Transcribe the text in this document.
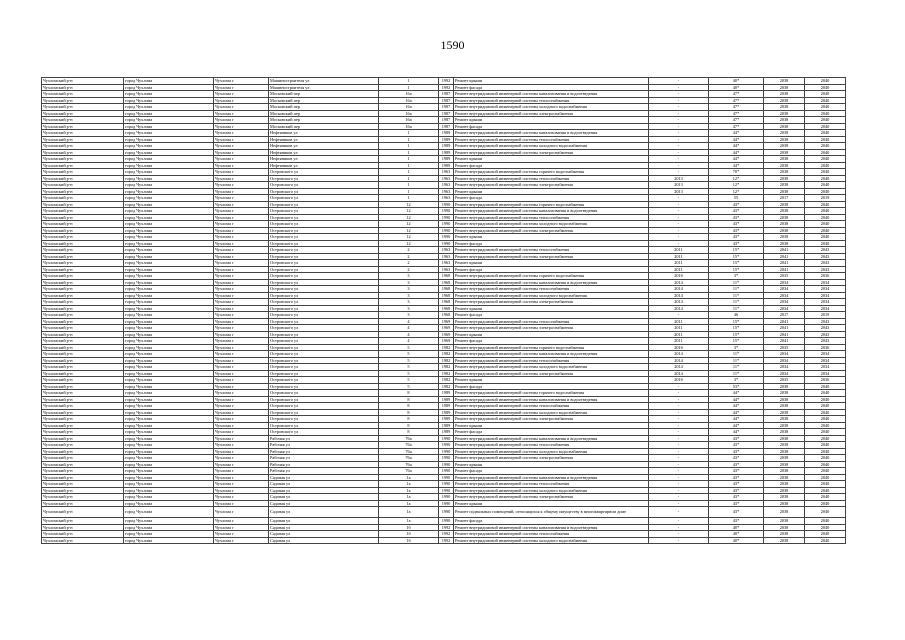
1590
Чухломский р-н	город Чухлома	Чухлома г	Машиностроителя ул	1	1992	Ремонт крыши	-	40*	2038	2040
Чухломский р-н	город Чухлома	Чухлома г	Машиностроителя ул	1	1992	Ремонт фасада	-	40*	2038	2040
Чухломский р-н	город Чухлома	Чухлома г	Московский пер	16а	1987	Ремонт внутридомовой инженерной системы канализования и водоотведения	-	47*	2038	2040
Чухломский р-н	город Чухлома	Чухлома г	Московский пер	16а	1987	Ремонт внутридомовой инженерной системы теплоснабжения	-	47*	2038	2040
Чухломский р-н	город Чухлома	Чухлома г	Московский пер	16а	1987	Ремонт внутридомовой инженерной системы холодного водоснабжения	-	47*	2038	2040
Чухломский р-н	город Чухлома	Чухлома г	Московский пер	16а	1987	Ремонт внутридомовой инженерной системы электроснабжения	-	47*	2038	2040
Чухломский р-н	город Чухлома	Чухлома г	Московский пер	16а	1987	Ремонт крыши	-	47*	2038	2040
Чухломский р-н	город Чухлома	Чухлома г	Московский пер	16а	1987	Ремонт фасада	-	47*	2038	2040
Чухломский р-н	город Чухлома	Чухлома г	Нефтяников ул	1	1989	Ремонт внутридомовой инженерной системы канализования и водоотведения	-	44*	2038	2040
Чухломский р-н	город Чухлома	Чухлома г	Нефтяников ул	1	1989	Ремонт внутридомовой инженерной системы теплоснабжения	-	44*	2038	2040
Чухломский р-н	город Чухлома	Чухлома г	Нефтяников ул	1	1989	Ремонт внутридомовой инженерной системы холодного водоснабжения	-	44*	2038	2040
Чухломский р-н	город Чухлома	Чухлома г	Нефтяников ул	1	1989	Ремонт внутридомовой инженерной системы электроснабжения	-	44*	2038	2040
Чухломский р-н	город Чухлома	Чухлома г	Нефтяников ул	1	1989	Ремонт крыши	-	44*	2038	2040
Чухломский р-н	город Чухлома	Чухлома г	Нефтяников ул	1	1989	Ремонт фасада	-	44*	2038	2040
Чухломский р-н	город Чухлома	Чухлома г	Островского ул	1	1963	Ремонт внутридомовой инженерной системы горячего водоснабжения	-	70*	2038	2040
Чухломский р-н	город Чухлома	Чухлома г	Островского ул	1	1963	Ремонт внутридомовой инженерной системы теплоснабжения	2013	12*	2038	2040
Чухломский р-н	город Чухлома	Чухлома г	Островского ул	1	1963	Ремонт внутридомовой инженерной системы электроснабжения	2013	12*	2038	2040
Чухломский р-н	город Чухлома	Чухлома г	Островского ул	1	1963	Ремонт крыши	2013	12*	2038	2040
Чухломский р-н	город Чухлома	Чухлома г	Островского ул	1	1963	Ремонт фасада	-	55	2017	2019
Чухломский р-н	город Чухлома	Чухлома г	Островского ул	12	1990	Ремонт внутридомовой инженерной системы горячего водоснабжения	-	43*	2038	2040
Чухломский р-н	город Чухлома	Чухлома г	Островского ул	12	1990	Ремонт внутридомовой инженерной системы канализования и водоотведения	-	43*	2038	2040
Чухломский р-н	город Чухлома	Чухлома г	Островского ул	12	1990	Ремонт внутридомовой инженерной системы теплоснабжения	-	43*	2038	2040
Чухломский р-н	город Чухлома	Чухлома г	Островского ул	12	1990	Ремонт внутридомовой инженерной системы холодного водоснабжения	-	43*	2038	2040
Чухломский р-н	город Чухлома	Чухлома г	Островского ул	12	1990	Ремонт внутридомовой инженерной системы электроснабжения	-	43*	2038	2040
Чухломский р-н	город Чухлома	Чухлома г	Островского ул	12	1990	Ремонт крыши	-	43*	2038	2040
Чухломский р-н	город Чухлома	Чухлома г	Островского ул	12	1990	Ремонт фасада	-	43*	2038	2040
Чухломский р-н	город Чухлома	Чухлома г	Островского ул	2	1963	Ремонт внутридомовой инженерной системы теплоснабжения	2011	15*	2041	2043
Чухломский р-н	город Чухлома	Чухлома г	Островского ул	2	1963	Ремонт внутридомовой инженерной системы электроснабжения	2011	15*	2041	2043
Чухломский р-н	город Чухлома	Чухлома г	Островского ул	2	1963	Ремонт крыши	2011	15*	2041	2043
Чухломский р-н	город Чухлома	Чухлома г	Островского ул	2	1963	Ремонт фасада	2011	15*	2041	2043
Чухломский р-н	город Чухлома	Чухлома г	Островского ул	3	1968	Ремонт внутридомовой инженерной системы горячего водоснабжения	2016	3*	2035	2036
Чухломский р-н	город Чухлома	Чухлома г	Островского ул	3	1968	Ремонт внутридомовой инженерной системы канализования и водоотведения	2014	11*	2034	2034
Чухломский р-н	город Чухлома	Чухлома г	Островского ул	3	1968	Ремонт внутридомовой инженерной системы теплоснабжения	2014	11*	2034	2034
Чухломский р-н	город Чухлома	Чухлома г	Островского ул	3	1968	Ремонт внутридомовой инженерной системы холодного водоснабжения	2014	11*	2034	2034
Чухломский р-н	город Чухлома	Чухлома г	Островского ул	3	1968	Ремонт внутридомовой инженерной системы электроснабжения	2014	11*	2034	2034
Чухломский р-н	город Чухлома	Чухлома г	Островского ул	3	1968	Ремонт крыши	2014	11*	2034	2034
Чухломский р-н	город Чухлома	Чухлома г	Островского ул	3	1968	Ремонт фасада	-	46	2017	2019
Чухломский р-н	город Чухлома	Чухлома г	Островского ул	4	1969	Ремонт внутридомовой инженерной системы теплоснабжения	2011	15*	2041	2043
Чухломский р-н	город Чухлома	Чухлома г	Островского ул	4	1969	Ремонт внутридомовой инженерной системы электроснабжения	2011	15*	2041	2043
Чухломский р-н	город Чухлома	Чухлома г	Островского ул	4	1969	Ремонт крыши	2011	15*	2041	2043
Чухломский р-н	город Чухлома	Чухлома г	Островского ул	4	1969	Ремонт фасада	2011	15*	2041	2043
Чухломский р-н	город Чухлома	Чухлома г	Островского ул	5	1982	Ремонт внутридомовой инженерной системы горячего водоснабжения	2016	3*	2035	2036
Чухломский р-н	город Чухлома	Чухлома г	Островского ул	5	1982	Ремонт внутридомовой инженерной системы канализования и водоотведения	2014	11*	2034	2034
Чухломский р-н	город Чухлома	Чухлома г	Островского ул	5	1982	Ремонт внутридомовой инженерной системы теплоснабжения	2014	11*	2034	2034
Чухломский р-н	город Чухлома	Чухлома г	Островского ул	5	1982	Ремонт внутридомовой инженерной системы холодного водоснабжения	2014	11*	2034	2034
Чухломский р-н	город Чухлома	Чухлома г	Островского ул	5	1982	Ремонт внутридомовой инженерной системы электроснабжения	2014	11*	2034	2034
Чухломский р-н	город Чухлома	Чухлома г	Островского ул	5	1982	Ремонт крыши	2016	3*	2035	2036
Чухломский р-н	город Чухлома	Чухлома г	Островского ул	5	1982	Ремонт фасада	-	53*	2038	2040
Чухломский р-н	город Чухлома	Чухлома г	Островского ул	8	1989	Ремонт внутридомовой инженерной системы горячего водоснабжения	-	44*	2038	2040
Чухломский р-н	город Чухлома	Чухлома г	Островского ул	8	1989	Ремонт внутридомовой инженерной системы канализования и водоотведения	-	44*	2038	2040
Чухломский р-н	город Чухлома	Чухлома г	Островского ул	8	1989	Ремонт внутридомовой инженерной системы теплоснабжения	-	44*	2038	2040
Чухломский р-н	город Чухлома	Чухлома г	Островского ул	8	1989	Ремонт внутридомовой инженерной системы холодного водоснабжения	-	44*	2038	2040
Чухломский р-н	город Чухлома	Чухлома г	Островского ул	8	1989	Ремонт внутридомовой инженерной системы электроснабжения	-	44*	2038	2040
Чухломский р-н	город Чухлома	Чухлома г	Островского ул	8	1989	Ремонт крыши	-	44*	2038	2040
Чухломский р-н	город Чухлома	Чухлома г	Островского ул	8	1989	Ремонт фасада	-	44*	2038	2040
Чухломский р-н	город Чухлома	Чухлома г	Рабочая ул	76а	1990	Ремонт внутридомовой инженерной системы канализования и водоотведения	-	43*	2038	2040
Чухломский р-н	город Чухлома	Чухлома г	Рабочая ул	76а	1990	Ремонт внутридомовой инженерной системы теплоснабжения	-	43*	2038	2040
Чухломский р-н	город Чухлома	Чухлома г	Рабочая ул	76а	1990	Ремонт внутридомовой инженерной системы холодного водоснабжения	-	43*	2038	2040
Чухломский р-н	город Чухлома	Чухлома г	Рабочая ул	76а	1990	Ремонт внутридомовой инженерной системы электроснабжения	-	43*	2038	2040
Чухломский р-н	город Чухлома	Чухлома г	Рабочая ул	76а	1990	Ремонт крыши	-	43*	2038	2040
Чухломский р-н	город Чухлома	Чухлома г	Рабочая ул	76а	1990	Ремонт фасада	-	43*	2038	2040
Чухломский р-н	город Чухлома	Чухлома г	Садовая ул	1а	1990	Ремонт внутридомовой инженерной системы канализования и водоотведения	-	43*	2038	2040
Чухломский р-н	город Чухлома	Чухлома г	Садовая ул	1а	1990	Ремонт внутридомовой инженерной системы теплоснабжения	-	43*	2038	2040
Чухломский р-н	город Чухлома	Чухлома г	Садовая ул	1а	1990	Ремонт внутридомовой инженерной системы холодного водоснабжения	-	43*	2038	2040
Чухломский р-н	город Чухлома	Чухлома г	Садовая ул	1а	1990	Ремонт внутридомовой инженерной системы электроснабжения	-	43*	2038	2040
Чухломский р-н	город Чухлома	Чухлома г	Садовая ул	1а	1990	Ремонт крыши	-	43*	2038	2040
Чухломский р-н	город Чухлома	Чухлома г	Садовая ул	1а	1990	Ремонт подвальных помещений, относящихся к общему имуществу в многоквартирном доме	-	43*	2038	2040
Чухломский р-н	город Чухлома	Чухлома г	Садовая ул	1а	1990	Ремонт фасада	-	43*	2038	2040
Чухломский р-н	город Чухлома	Чухлома г	Садовая ул	1б	1992	Ремонт внутридомовой инженерной системы канализования и водоотведения	-	40*	2038	2040
Чухломский р-н	город Чухлома	Чухлома г	Садовая ул	1б	1992	Ремонт внутридомовой инженерной системы теплоснабжения	-	40*	2038	2040
Чухломский р-н	город Чухлома	Чухлома г	Садовая ул	1б	1992	Ремонт внутридомовой инженерной системы холодного водоснабжения	-	40*	2038	2040
